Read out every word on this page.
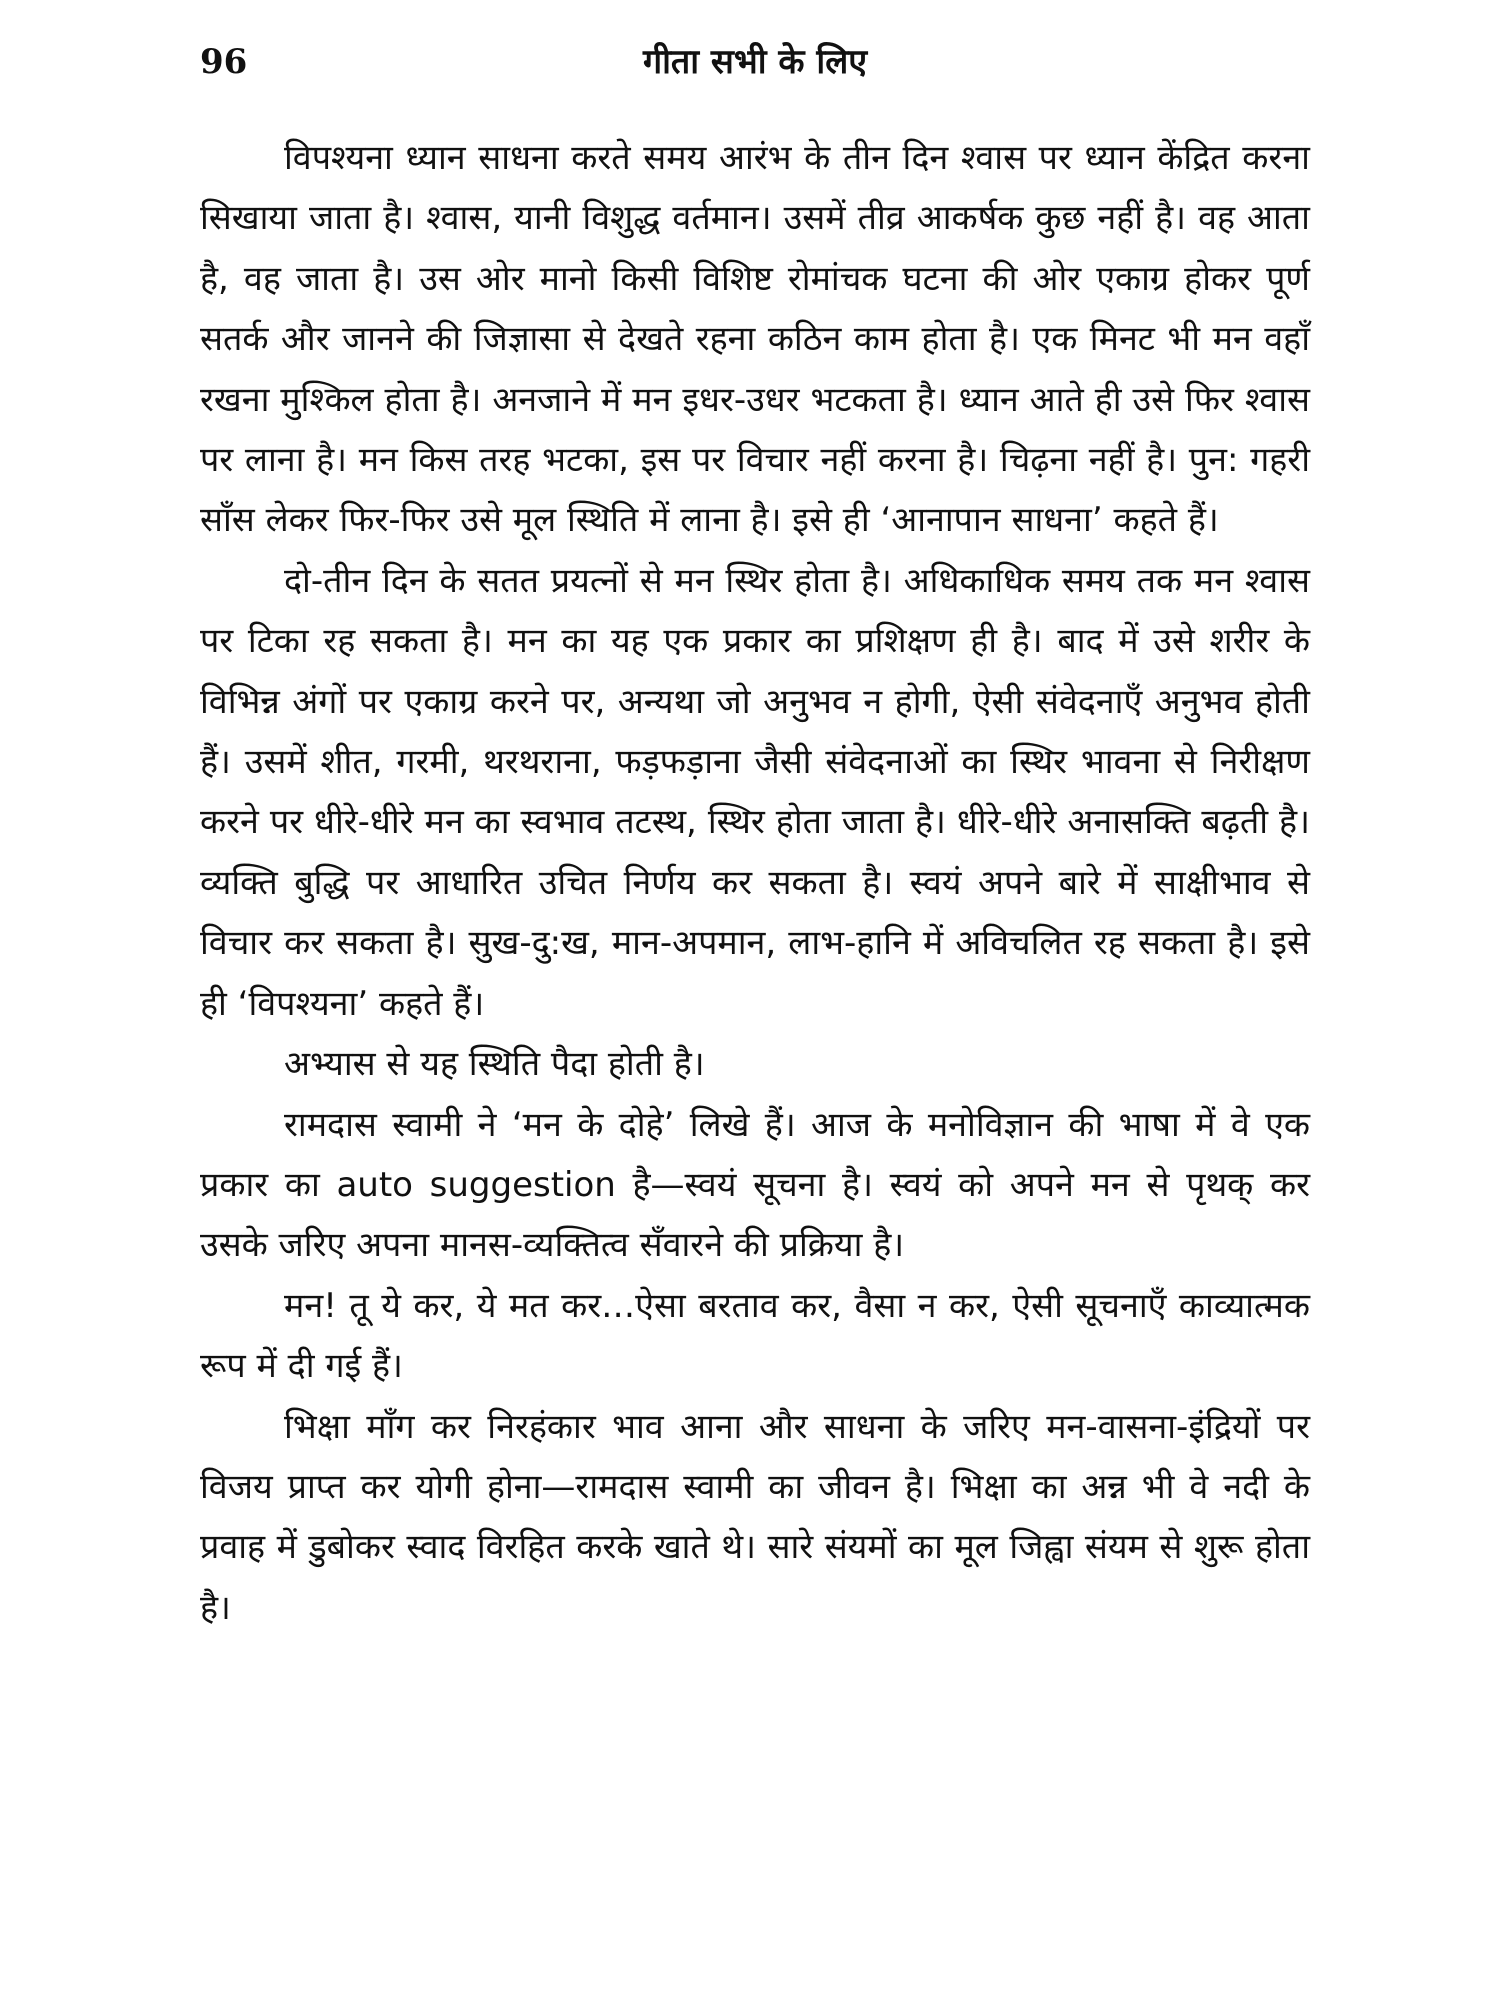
96	गीता सभी के लिए

विपश्यना ध्यान साधना करते समय आरंभ के तीन दिन श्वास पर ध्यान केंद्रित करना सिखाया जाता है। श्वास, यानी विशुद्ध वर्तमान। उसमें तीव्र आकर्षक कुछ नहीं है। वह आता है, वह जाता है। उस ओर मानो किसी विशिष्ट रोमांचक घटना की ओर एकाग्र होकर पूर्ण सतर्क और जानने की जिज्ञासा से देखते रहना कठिन काम होता है। एक मिनट भी मन वहाँ रखना मुश्किल होता है। अनजाने में मन इधर-उधर भटकता है। ध्यान आते ही उसे फिर श्वास पर लाना है। मन किस तरह भटका, इस पर विचार नहीं करना है। चिढ़ना नहीं है। पुन: गहरी साँस लेकर फिर-फिर उसे मूल स्थिति में लाना है। इसे ही ‘आनापान साधना’ कहते हैं।

दो-तीन दिन के सतत प्रयत्नों से मन स्थिर होता है। अधिकाधिक समय तक मन श्वास पर टिका रह सकता है। मन का यह एक प्रकार का प्रशिक्षण ही है। बाद में उसे शरीर के विभिन्न अंगों पर एकाग्र करने पर, अन्यथा जो अनुभव न होगी, ऐसी संवेदनाएँ अनुभव होती हैं। उसमें शीत, गरमी, थरथराना, फड़फड़ाना जैसी संवेदनाओं का स्थिर भावना से निरीक्षण करने पर धीरे-धीरे मन का स्वभाव तटस्थ, स्थिर होता जाता है। धीरे-धीरे अनासक्ति बढ़ती है। व्यक्ति बुद्धि पर आधारित उचित निर्णय कर सकता है। स्वयं अपने बारे में साक्षीभाव से विचार कर सकता है। सुख-दु:ख, मान-अपमान, लाभ-हानि में अविचलित रह सकता है। इसे ही ‘विपश्यना’ कहते हैं।

अभ्यास से यह स्थिति पैदा होती है।

रामदास स्वामी ने ‘मन के दोहे’ लिखे हैं। आज के मनोविज्ञान की भाषा में वे एक प्रकार का auto suggestion है—स्वयं सूचना है। स्वयं को अपने मन से पृथक् कर उसके जरिए अपना मानस-व्यक्तित्व सँवारने की प्रक्रिया है।

मन! तू ये कर, ये मत कर…ऐसा बरताव कर, वैसा न कर, ऐसी सूचनाएँ काव्यात्मक रूप में दी गई हैं।

भिक्षा माँग कर निरहंकार भाव आना और साधना के जरिए मन-वासना-इंद्रियों पर विजय प्राप्त कर योगी होना—रामदास स्वामी का जीवन है। भिक्षा का अन्न भी वे नदी के प्रवाह में डुबोकर स्वाद विरहित करके खाते थे। सारे संयमों का मूल जिह्वा संयम से शुरू होता है।
